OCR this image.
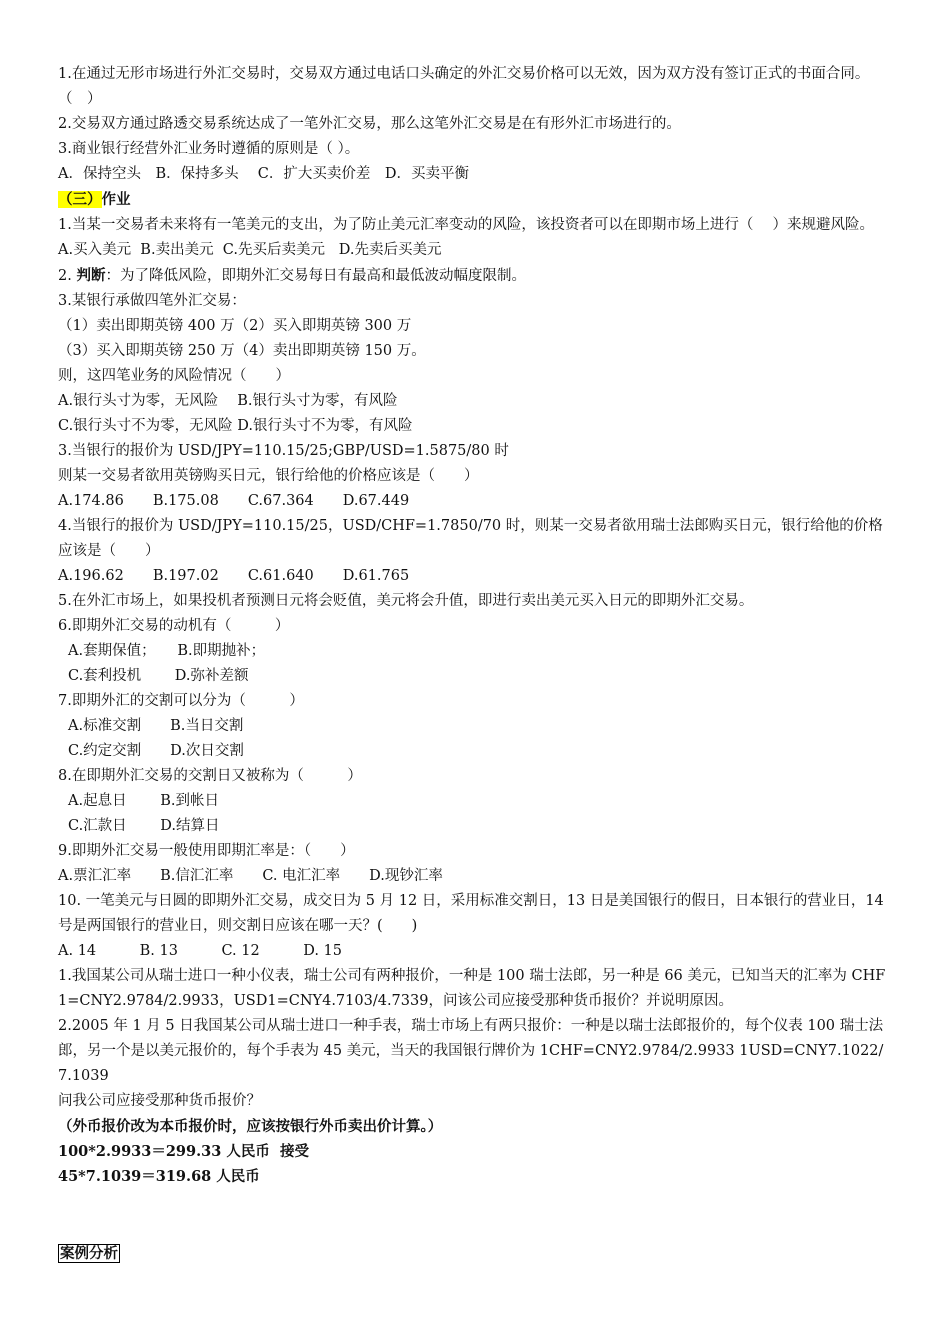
1.在通过无形市场进行外汇交易时，交易双方通过电话口头确定的外汇交易价格可以无效，因为双方没有签订正式的书面合同。　　（　）
2.交易双方通过路透交易系统达成了一笔外汇交易，那么这笔外汇交易是在有形外汇市场进行的。
3.商业银行经营外汇业务时遵循的原则是（ ）。
A．保持空头　B．保持多头　 C．扩大买卖价差　D．买卖平衡
（三）作业
1.当某一交易者未来将有一笔美元的支出，为了防止美元汇率变动的风险，该投资者可以在即期市场上进行（　 ）来规避风险。
A.买入美元  B.卖出美元  C.先买后卖美元   D.先卖后买美元
2. 判断：为了降低风险，即期外汇交易每日有最高和最低波动幅度限制。
3.某银行承做四笔外汇交易：
（1）卖出即期英镑 400 万（2）买入即期英镑 300 万
（3）买入即期英镑 250 万（4）卖出即期英镑 150 万。
则，这四笔业务的风险情况（　　）
A.银行头寸为零，无风险　 B.银行头寸为零，有风险
C.银行头寸不为零，无风险 D.银行头寸不为零，有风险
3.当银行的报价为 USD/JPY=110.15/25;GBP/USD=1.5875/80 时
则某一交易者欲用英镑购买日元，银行给他的价格应该是（　　）
A.174.86　　B.175.08　　C.67.364　　D.67.449
4.当银行的报价为 USD/JPY=110.15/25，USD/CHF=1.7850/70 时，则某一交易者欲用瑞士法郎购买日元，银行给他的价格应该是（　　）
A.196.62　　B.197.02　　C.61.640　　D.61.765
5.在外汇市场上，如果投机者预测日元将会贬值，美元将会升值，即进行卖出美元买入日元的即期外汇交易。
6.即期外汇交易的动机有（　　　）
A.套期保值；　　B.即期抛补；
C.套利投机　　 D.弥补差额
7.即期外汇的交割可以分为（　　　）
A.标准交割　　B.当日交割
C.约定交割　　D.次日交割
8.在即期外汇交易的交割日又被称为（　　　）
A.起息日　　 B.到帐日
C.汇款日　　 D.结算日
9.即期外汇交易一般使用即期汇率是：（　　）
A.票汇汇率　　B.信汇汇率　　C. 电汇汇率　　D.现钞汇率
10. 一笔美元与日圆的即期外汇交易，成交日为 5 月 12 日，采用标准交割日，13 日是美国银行的假日，日本银行的营业日，14 号是两国银行的营业日，则交割日应该在哪一天？(　　)
A. 14　　　B. 13　　　C. 12　　　D. 15
1.我国某公司从瑞士进口一种小仪表，瑞士公司有两种报价，一种是 100 瑞士法郎，另一种是 66 美元，已知当天的汇率为 CHF1=CNY2.9784/2.9933，USD1=CNY4.7103/4.7339，问该公司应接受那种货币报价？并说明原因。
2.2005 年 1 月 5 日我国某公司从瑞士进口一种手表，瑞士市场上有两只报价：一种是以瑞士法郎报价的，每个仪表 100 瑞士法郎，另一个是以美元报价的，每个手表为 45 美元，当天的我国银行牌价为 1CHF=CNY2.9784/2.9933 1USD=CNY7.1022/7.1039
问我公司应接受那种货币报价？
（外币报价改为本币报价时，应该按银行外币卖出价计算。）
100*2.9933＝299.33 人民币  接受
45*7.1039＝319.68 人民币
案例分析
